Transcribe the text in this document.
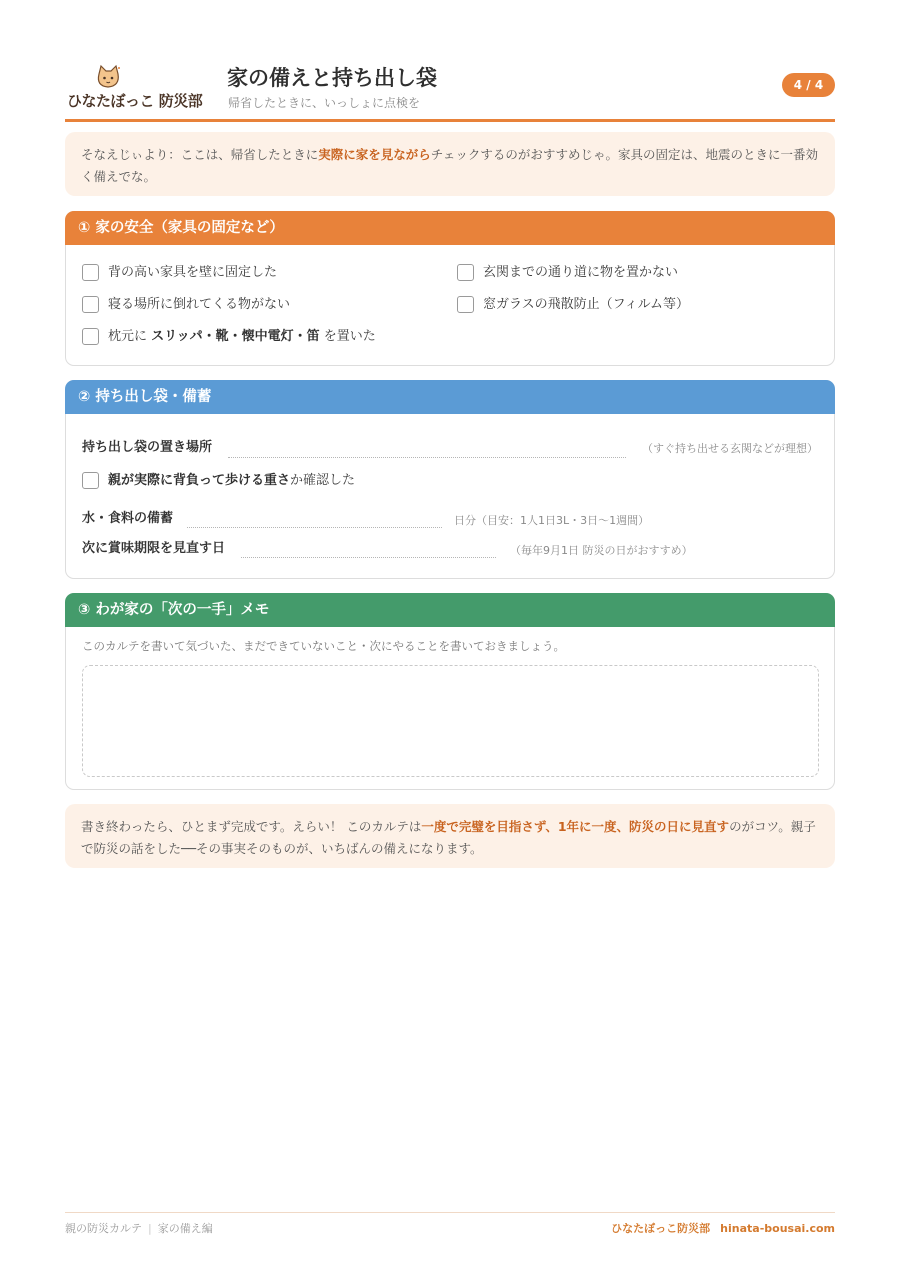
ひなたぼっこ 防災部
家の備えと持ち出し袋
帰省したときに、いっしょに点検を
4 / 4
そなえじぃより：ここは、帰省したときに実際に家を見ながらチェックするのがおすすめじゃ。家具の固定は、地震のときに一番効く備えでな。
① 家の安全（家具の固定など）
背の高い家具を壁に固定した	玄関までの通り道に物を置かない
寝る場所に倒れてくる物がない	窓ガラスの飛散防止（フィルム等）
枕元に スリッパ・靴・懐中電灯・笛 を置いた
② 持ち出し袋・備蓄
持ち出し袋の置き場所	（すぐ持ち出せる玄関などが理想）
親が実際に背負って歩ける重さか確認した
水・食料の備蓄	日分（目安：1人1日3L・3日〜1週間）
次に賞味期限を見直す日	（毎年9月1日 防災の日がおすすめ）
③ わが家の「次の一手」メモ
このカルテを書いて気づいた、まだできていないこと・次にやることを書いておきましょう。
書き終わったら、ひとまず完成です。えらい！ このカルテは一度で完璧を目指さず、1年に一度、防災の日に見直すのがコツ。親子で防災の話をした──その事実そのものが、いちばんの備えになります。
親の防災カルテ | 家の備え編	ひなたぼっこ防災部 hinata-bousai.com
